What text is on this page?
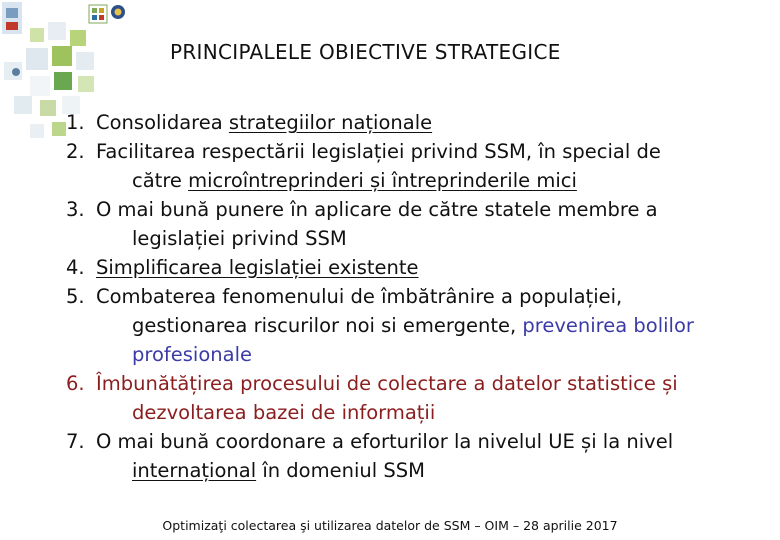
PRINCIPALELE OBIECTIVE STRATEGICE
1. Consolidarea strategiilor naționale
2. Facilitarea respectării legislației privind SSM, în special de
către microîntreprinderi și întreprinderile mici
3. O mai bună punere în aplicare de către statele membre a
legislației privind SSM
4. Simplificarea legislației existente
5. Combaterea fenomenului de îmbătrânire a populației,
gestionarea riscurilor noi si emergente, prevenirea bolilor
profesionale
6. Îmbunătățirea procesului de colectare a datelor statistice și
dezvoltarea bazei de informații
7. O mai bună coordonare a eforturilor la nivelul UE și la nivel
internațional în domeniul SSM
Optimizaţi colectarea şi utilizarea datelor de SSM – OIM – 28 aprilie 2017
